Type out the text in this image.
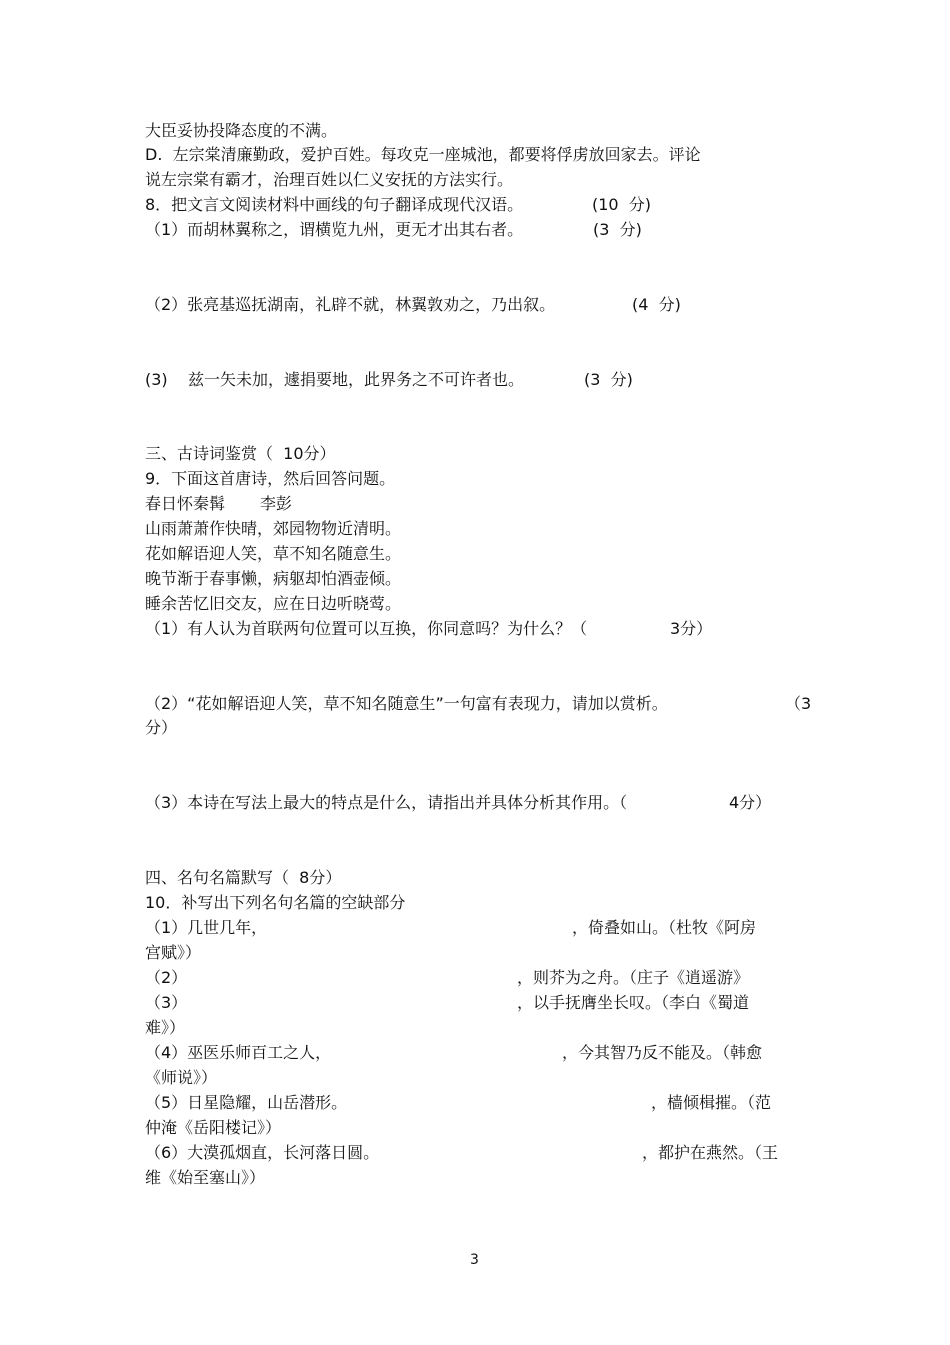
大臣妥协投降态度的不满。
D.  左宗棠清廉勤政，爱护百姓。每攻克一座城池，都要将俘虏放回家去。评论
说左宗棠有霸才，治理百姓以仁义安抚的方法实行。

8．把文言文阅读材料中画线的句子翻译成现代汉语。

	(10  分)

（1）而胡林翼称之，谓横览九州，更无才出其右者。

	(3  分)

（2）张亮基巡抚湖南，礼辟不就，林翼敦劝之，乃出叙。

	(4  分)

(3)    兹一矢未加，遽捐要地，此界务之不可许者也。

	(3  分)

三、古诗词鉴赏（  10分）
9．下面这首唐诗，然后回答问题。

春日怀秦髯

李彭

山雨萧萧作快晴，郊园物物近清明。
花如解语迎人笑，草不知名随意生。
晚节渐于春事懒，病躯却怕酒壶倾。
睡余苦忆旧交友，应在日边听晓莺。

（1）有人认为首联两句位置可以互换，你同意吗？为什么？（

	3分）

（2）“花如解语迎人笑，草不知名随意生”一句富有表现力，请加以赏析。

	（3

分）

（3）本诗在写法上最大的特点是什么，请指出并具体分析其作用。（

	4分）

四、名句名篇默写（  8分）
10．补写出下列名句名篇的空缺部分

（1）几世几年，

	，倚叠如山。（杜牧《阿房

宫赋》）

（2）

	，则芥为之舟。（庄子《逍遥游》

（3）

	，以手抚膺坐长叹。（李白《蜀道

难》）

（4）巫医乐师百工之人，

	，今其智乃反不能及。（韩愈

《师说》）

（5）日星隐耀，山岳潜形。

	，樯倾楫摧。（范

仲淹《岳阳楼记》）

（6）大漠孤烟直，长河落日圆。

	，都护在燕然。（王

维《始至塞山》）
3
